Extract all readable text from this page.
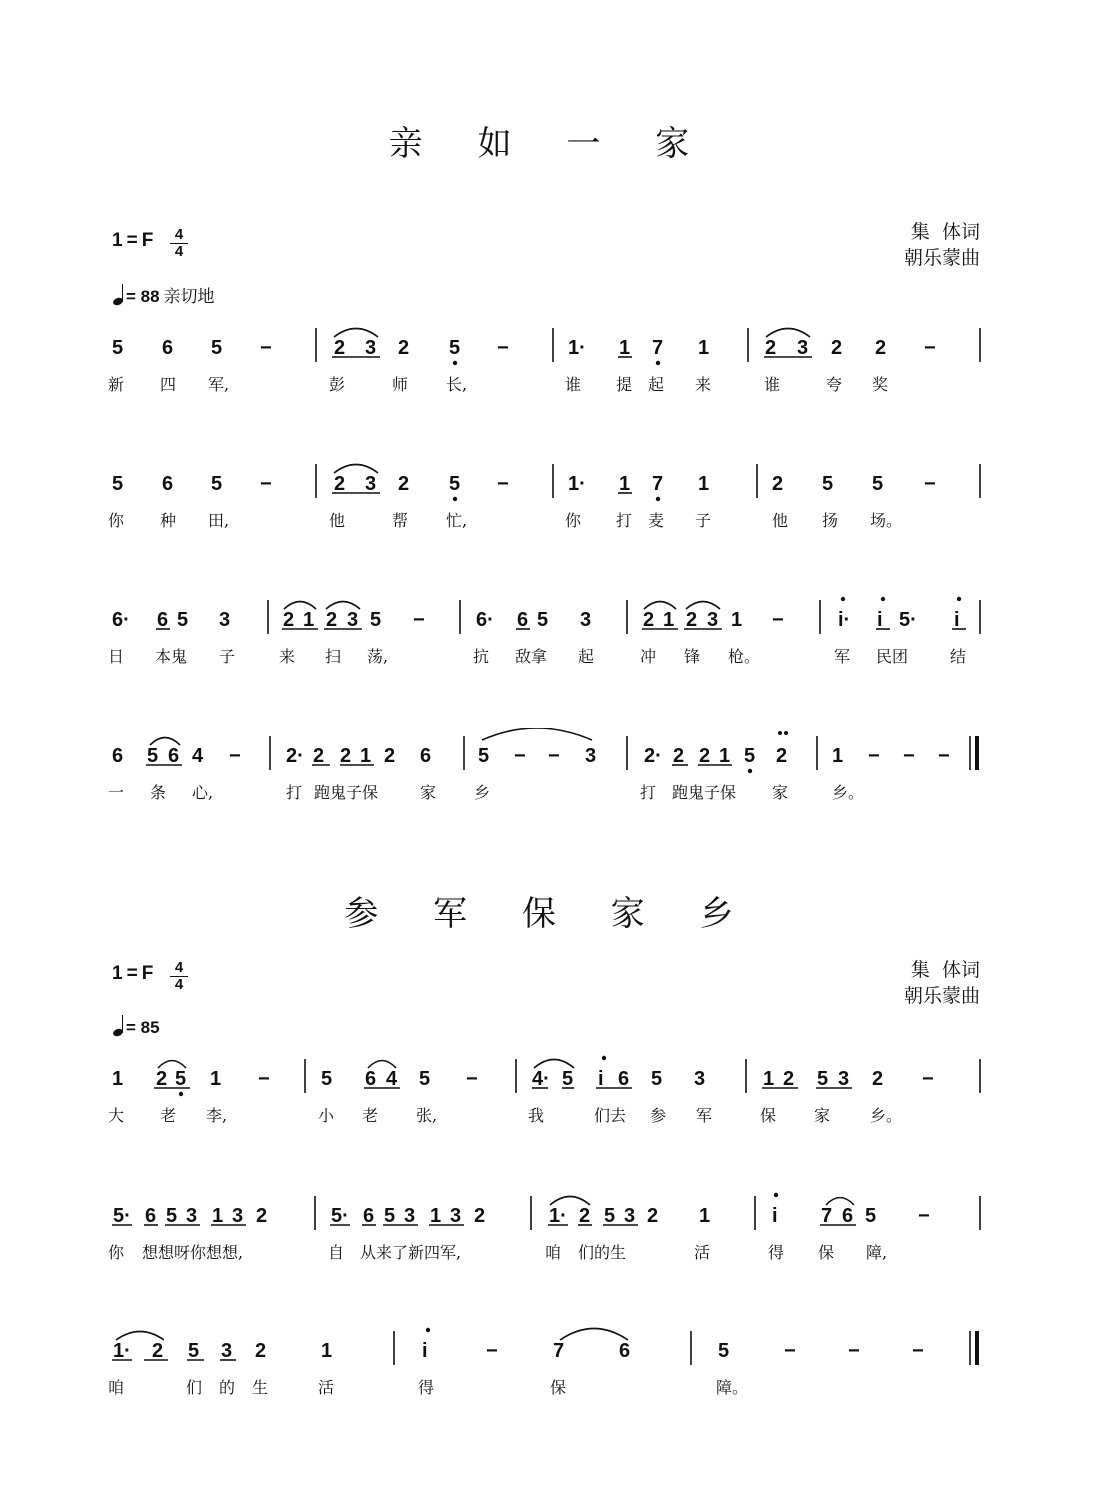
亲 如 一 家
1 = F $\frac{4}{4}$	集  体词
朝乐蒙曲
= 88 亲切地
5 6 5 −	2 3 2 5 −	1· 1 7 1	2 3 2 2 −
新 四 军,	彭	师 长,	谁 提 起 来	谁	夸 奖
5 6 5 −	2 3 2 5 −	1· 1 7 1	2 5 5 −
你 种 田,	他	帮 忙,	你 打 麦 子	他 扬 场。
6· 6 5 3	2 1 2 3 5 −	6· 6 5 3	2 1 2 3 1 −	i· i 5· i
日 本鬼 子	来 扫 荡,	抗 敌拿 起	冲 锋 枪。	军 民团	结
6 5 6 4 − 2· 2 2 1 2 6 5 − − 3 2· 2 2 1 5 2 1 − − −
一 条 心,	打 跑鬼子保	家 乡	打 跑鬼子保 家	乡。
参 军 保 家 乡
1 = F $\frac{4}{4}$	集  体词
朝乐蒙曲
= 85
1 2 5 1 −	5 6 4 5 −	4· 5 i 6 5 3	1 2 5 3 2 −
大 老 李,	小 老 张,	我	们去 参 军	保 家 乡。
5· 6 5 3 1 3 2	5· 6 5 3 1 3 2	1· 2 5 3 2 1	i 7 6 5 −
你 想想呀你想想,	自 从来了新四军,	咱 们的生	活	得 保 障,
1· 2 5 3 2	1	i	−	7	6	5	−	−	−
咱	们 的 生	活	得	保	障。
